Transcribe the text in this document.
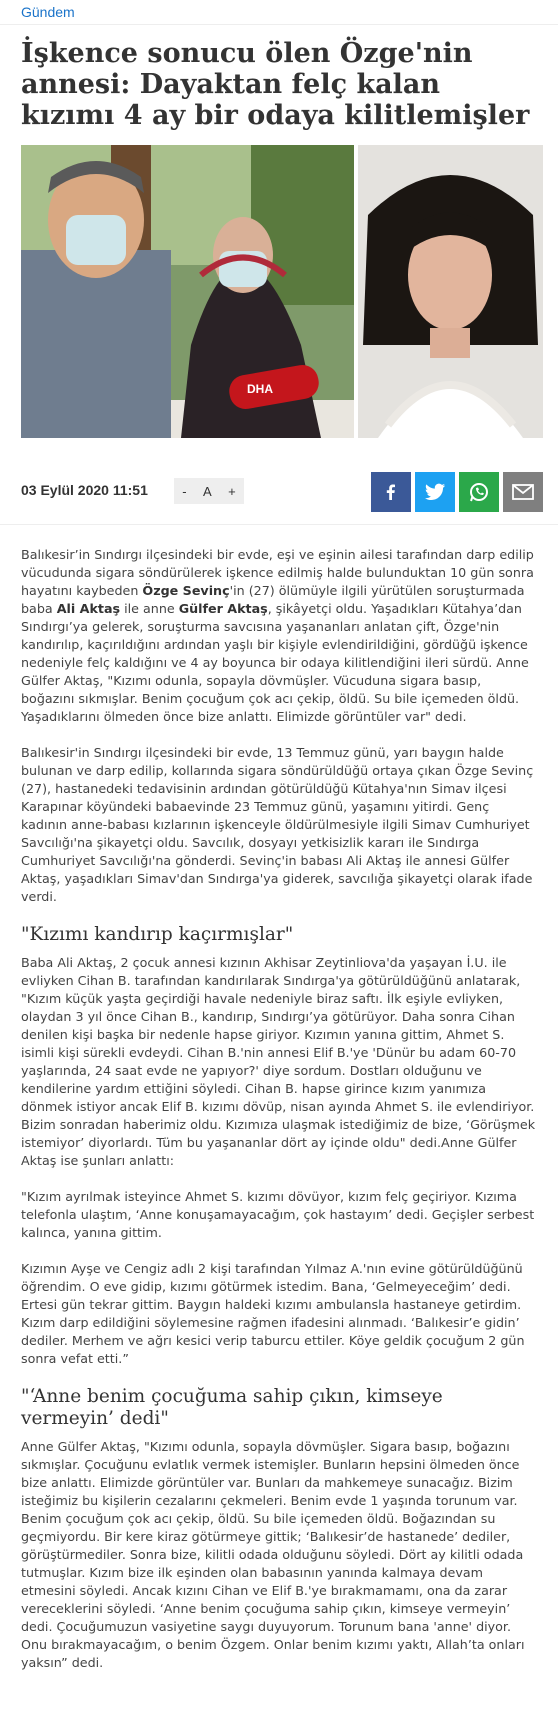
Gündem
İşkence sonucu ölen Özge'nin annesi: Dayaktan felç kalan kızımı 4 ay bir odaya kilitlemişler
DHA
03 Eylül 2020 11:51	- A +

Balıkesir’in Sındırgı ilçesindeki bir evde, eşi ve eşinin ailesi tarafından darp edilip vücudunda sigara söndürülerek işkence edilmiş halde bulunduktan 10 gün sonra hayatını kaybeden Özge Sevinç'in (27) ölümüyle ilgili yürütülen soruşturmada baba Ali Aktaş ile anne Gülfer Aktaş, şikâyetçi oldu. Yaşadıkları Kütahya’dan Sındırgı’ya gelerek, soruşturma savcısına yaşananları anlatan çift, Özge'nin kandırılıp, kaçırıldığını ardından yaşlı bir kişiyle evlendirildiğini, gördüğü işkence nedeniyle felç kaldığını ve 4 ay boyunca bir odaya kilitlendiğini ileri sürdü. Anne Gülfer Aktaş, "Kızımı odunla, sopayla dövmüşler. Vücuduna sigara basıp, boğazını sıkmışlar. Benim çocuğum çok acı çekip, öldü. Su bile içemeden öldü. Yaşadıklarını ölmeden önce bize anlattı. Elimizde görüntüler var" dedi.

Balıkesir'in Sındırgı ilçesindeki bir evde, 13 Temmuz günü, yarı baygın halde bulunan ve darp edilip, kollarında sigara söndürüldüğü ortaya çıkan Özge Sevinç (27), hastanedeki tedavisinin ardından götürüldüğü Kütahya'nın Simav ilçesi Karapınar köyündeki babaevinde 23 Temmuz günü, yaşamını yitirdi. Genç kadının anne-babası kızlarının işkenceyle öldürülmesiyle ilgili Simav Cumhuriyet Savcılığı'na şikayetçi oldu. Savcılık, dosyayı yetkisizlik kararı ile Sındırga Cumhuriyet Savcılığı'na gönderdi. Sevinç'in babası Ali Aktaş ile annesi Gülfer Aktaş, yaşadıkları Simav'dan Sındırga'ya giderek, savcılığa şikayetçi olarak ifade verdi.

"Kızımı kandırıp kaçırmışlar"

Baba Ali Aktaş, 2 çocuk annesi kızının Akhisar Zeytinliova'da yaşayan İ.U. ile evliyken Cihan B. tarafından kandırılarak Sındırga'ya götürüldüğünü anlatarak, "Kızım küçük yaşta geçirdiği havale nedeniyle biraz saftı. İlk eşiyle evliyken, olaydan 3 yıl önce Cihan B., kandırıp, Sındırgı’ya götürüyor. Daha sonra Cihan denilen kişi başka bir nedenle hapse giriyor. Kızımın yanına gittim, Ahmet S. isimli kişi sürekli evdeydi. Cihan B.'nin annesi Elif B.'ye 'Dünür bu adam 60-70 yaşlarında, 24 saat evde ne yapıyor?' diye sordum. Dostları olduğunu ve kendilerine yardım ettiğini söyledi. Cihan B. hapse girince kızım yanımıza dönmek istiyor ancak Elif B. kızımı dövüp, nisan ayında Ahmet S. ile evlendiriyor. Bizim sonradan haberimiz oldu. Kızımıza ulaşmak istediğimiz de bize, ‘Görüşmek istemiyor’ diyorlardı. Tüm bu yaşananlar dört ay içinde oldu" dedi.Anne Gülfer Aktaş ise şunları anlattı:

"Kızım ayrılmak isteyince Ahmet S. kızımı dövüyor, kızım felç geçiriyor. Kızıma telefonla ulaştım, ‘Anne konuşamayacağım, çok hastayım’ dedi. Geçişler serbest kalınca, yanına gittim.

Kızımın Ayşe ve Cengiz adlı 2 kişi tarafından Yılmaz A.'nın evine götürüldüğünü öğrendim. O eve gidip, kızımı götürmek istedim. Bana, ‘Gelmeyeceğim’ dedi. Ertesi gün tekrar gittim. Baygın haldeki kızımı ambulansla hastaneye getirdim. Kızım darp edildiğini söylemesine rağmen ifadesini alınmadı. ‘Balıkesir’e gidin’ dediler. Merhem ve ağrı kesici verip taburcu ettiler. Köye geldik çocuğum 2 gün sonra vefat etti.”

"‘Anne benim çocuğuma sahip çıkın, kimseye vermeyin’ dedi"

Anne Gülfer Aktaş, "Kızımı odunla, sopayla dövmüşler. Sigara basıp, boğazını sıkmışlar. Çocuğunu evlatlık vermek istemişler. Bunların hepsini ölmeden önce bize anlattı. Elimizde görüntüler var. Bunları da mahkemeye sunacağız. Bizim isteğimiz bu kişilerin cezalarını çekmeleri. Benim evde 1 yaşında torunum var. Benim çocuğum çok acı çekip, öldü. Su bile içemeden öldü. Boğazından su geçmiyordu. Bir kere kiraz götürmeye gittik; ‘Balıkesir’de hastanede’ dediler, görüştürmediler. Sonra bize, kilitli odada olduğunu söyledi. Dört ay kilitli odada tutmuşlar. Kızım bize ilk eşinden olan babasının yanında kalmaya devam etmesini söyledi. Ancak kızını Cihan ve Elif B.'ye bırakmamamı, ona da zarar vereceklerini söyledi. ‘Anne benim çocuğuma sahip çıkın, kimseye vermeyin’ dedi. Çocuğumuzun vasiyetine saygı duyuyorum. Torunum bana 'anne' diyor. Onu bırakmayacağım, o benim Özgem. Onlar benim kızımı yaktı, Allah’ta onları yaksın” dedi.
